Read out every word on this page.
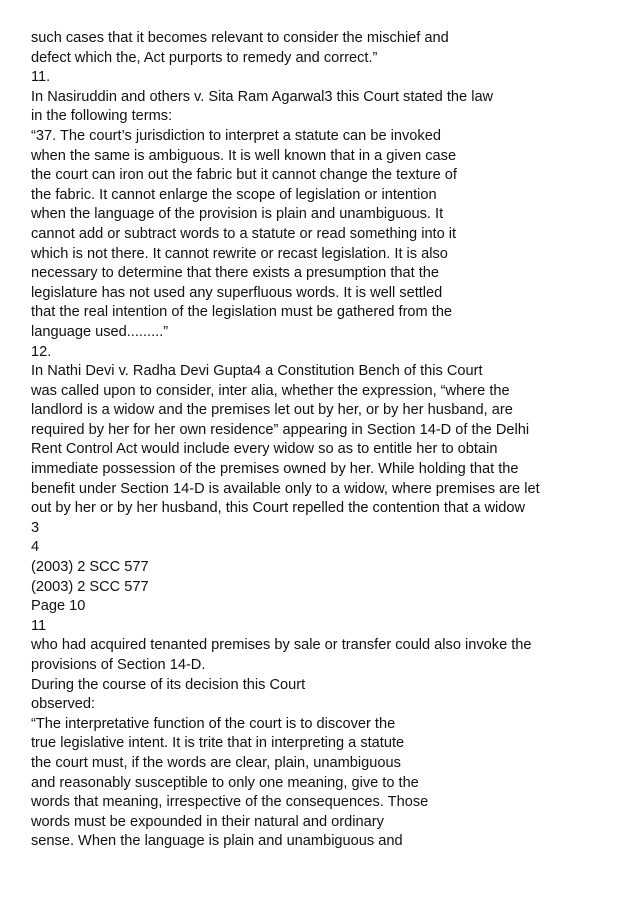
such cases that it becomes relevant to consider the mischief and
defect which the, Act purports to remedy and correct.”
11.
In Nasiruddin and others v. Sita Ram Agarwal3 this Court stated the law
in the following terms:
“37. The court’s jurisdiction to interpret a statute can be invoked
when the same is ambiguous. It is well known that in a given case
the court can iron out the fabric but it cannot change the texture of
the fabric. It cannot enlarge the scope of legislation or intention
when the language of the provision is plain and unambiguous. It
cannot add or subtract words to a statute or read something into it
which is not there. It cannot rewrite or recast legislation. It is also
necessary to determine that there exists a presumption that the
legislature has not used any superfluous words. It is well settled
that the real intention of the legislation must be gathered from the
language used.........”
12.
In Nathi Devi v. Radha Devi Gupta4 a Constitution Bench of this Court
was called upon to consider, inter alia, whether the expression, “where the
landlord is a widow and the premises let out by her, or by her husband, are
required by her for her own residence” appearing in Section 14-D of the Delhi
Rent Control Act would include every widow so as to entitle her to obtain
immediate possession of the premises owned by her. While holding that the
benefit under Section 14-D is available only to a widow, where premises are let
out by her or by her husband, this Court repelled the contention that a widow
3
4
(2003) 2 SCC 577
(2003) 2 SCC 577
Page 10
11
who had acquired tenanted premises by sale or transfer could also invoke the
provisions of Section 14-D.
During the course of its decision this Court
observed:
“The interpretative function of the court is to discover the
true legislative intent. It is trite that in interpreting a statute
the court must, if the words are clear, plain, unambiguous
and reasonably susceptible to only one meaning, give to the
words that meaning, irrespective of the consequences. Those
words must be expounded in their natural and ordinary
sense. When the language is plain and unambiguous and
